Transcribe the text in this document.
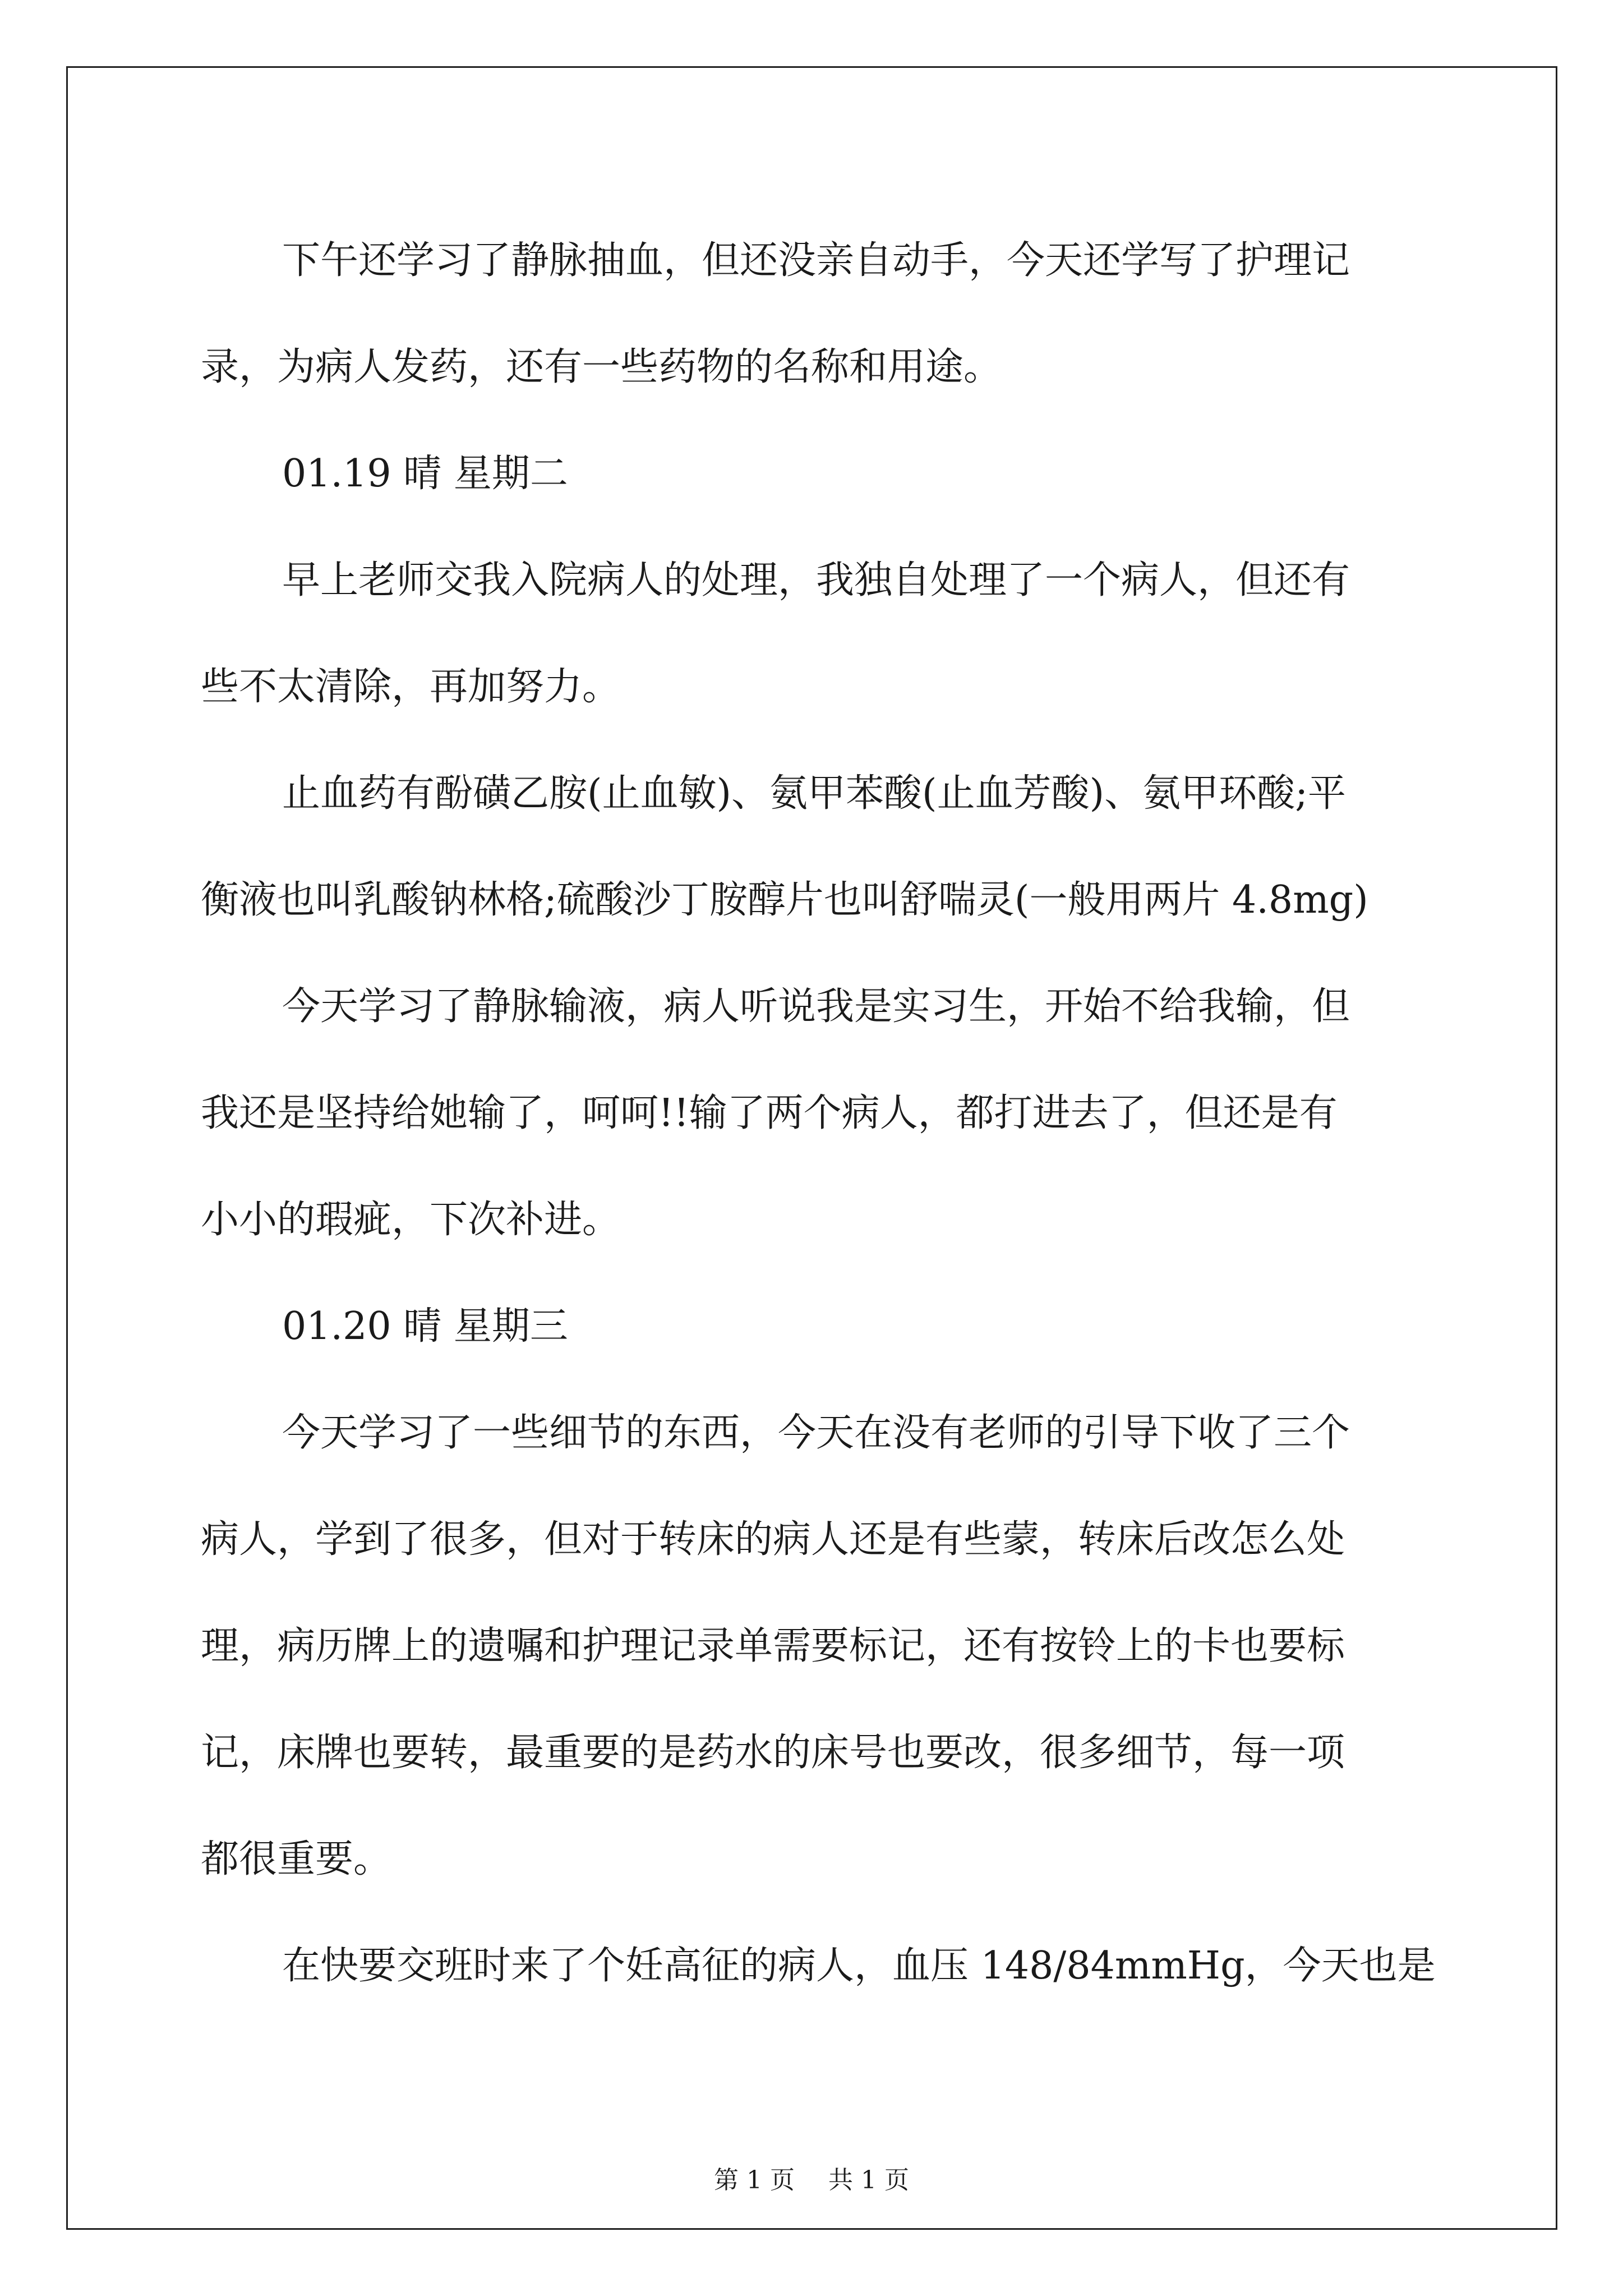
下午还学习了静脉抽血，但还没亲自动手，今天还学写了护理记
录，为病人发药，还有一些药物的名称和用途。
01.19 晴 星期二
早上老师交我入院病人的处理，我独自处理了一个病人，但还有
些不太清除，再加努力。
止血药有酚磺乙胺(止血敏)、氨甲苯酸(止血芳酸)、氨甲环酸;平
衡液也叫乳酸钠林格;硫酸沙丁胺醇片也叫舒喘灵(一般用两片 4.8mg)
今天学习了静脉输液，病人听说我是实习生，开始不给我输，但
我还是坚持给她输了，呵呵!!输了两个病人，都打进去了，但还是有
小小的瑕疵，下次补进。
01.20 晴 星期三
今天学习了一些细节的东西，今天在没有老师的引导下收了三个
病人，学到了很多，但对于转床的病人还是有些蒙，转床后改怎么处
理，病历牌上的遗嘱和护理记录单需要标记，还有按铃上的卡也要标
记，床牌也要转，最重要的是药水的床号也要改，很多细节，每一项
都很重要。
在快要交班时来了个妊高征的病人，血压 148/84mmHg，今天也是
第 1 页 共 1 页
